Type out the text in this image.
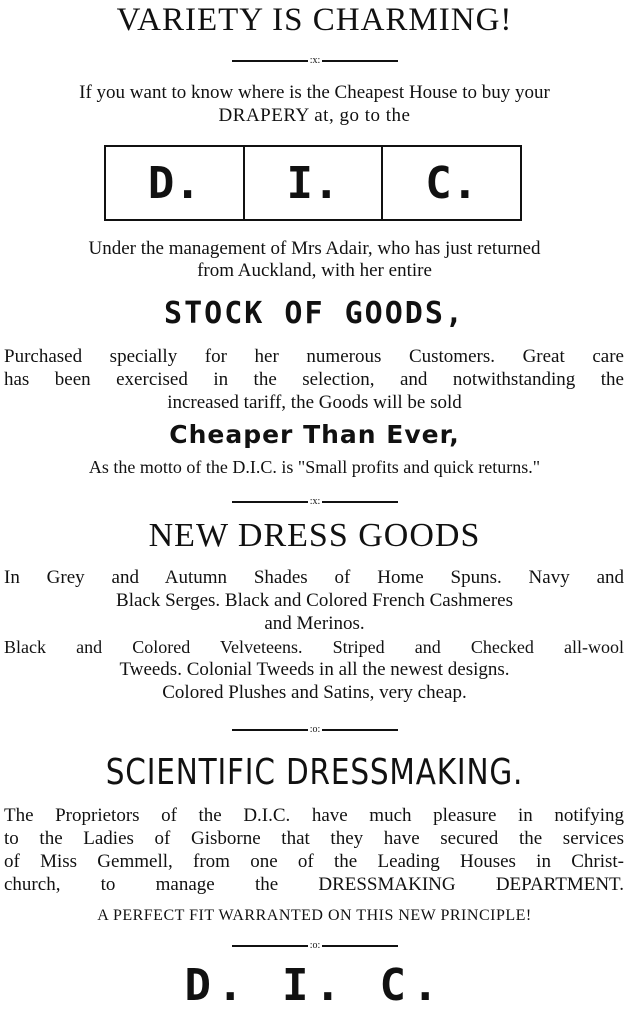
VARIETY IS CHARMING!
:x:
If you want to know where is the Cheapest House to buy your
DRAPERY at, go to the
D.	I.	C.
Under the management of Mrs Adair, who has just returned
from Auckland, with her entire
STOCK OF GOODS,
Purchased specially for her numerous Customers. Great care
has been exercised in the selection, and notwithstanding the
increased tariff, the Goods will be sold
Cheaper Than Ever,
As the motto of the D.I.C. is "Small profits and quick returns."
:x:
NEW DRESS GOODS
In Grey and Autumn Shades of Home Spuns. Navy and
Black Serges. Black and Colored French Cashmeres
and Merinos.
Black and Colored Velveteens. Striped and Checked all-wool
Tweeds. Colonial Tweeds in all the newest designs.
Colored Plushes and Satins, very cheap.
:o:
SCIENTIFIC DRESSMAKING.
The Proprietors of the D.I.C. have much pleasure in notifying
to the Ladies of Gisborne that they have secured the services
of Miss Gemmell, from one of the Leading Houses in Christ-
church, to manage the DRESSMAKING DEPARTMENT.
A PERFECT FIT WARRANTED ON THIS NEW PRINCIPLE!
:o:
D. I. C.
